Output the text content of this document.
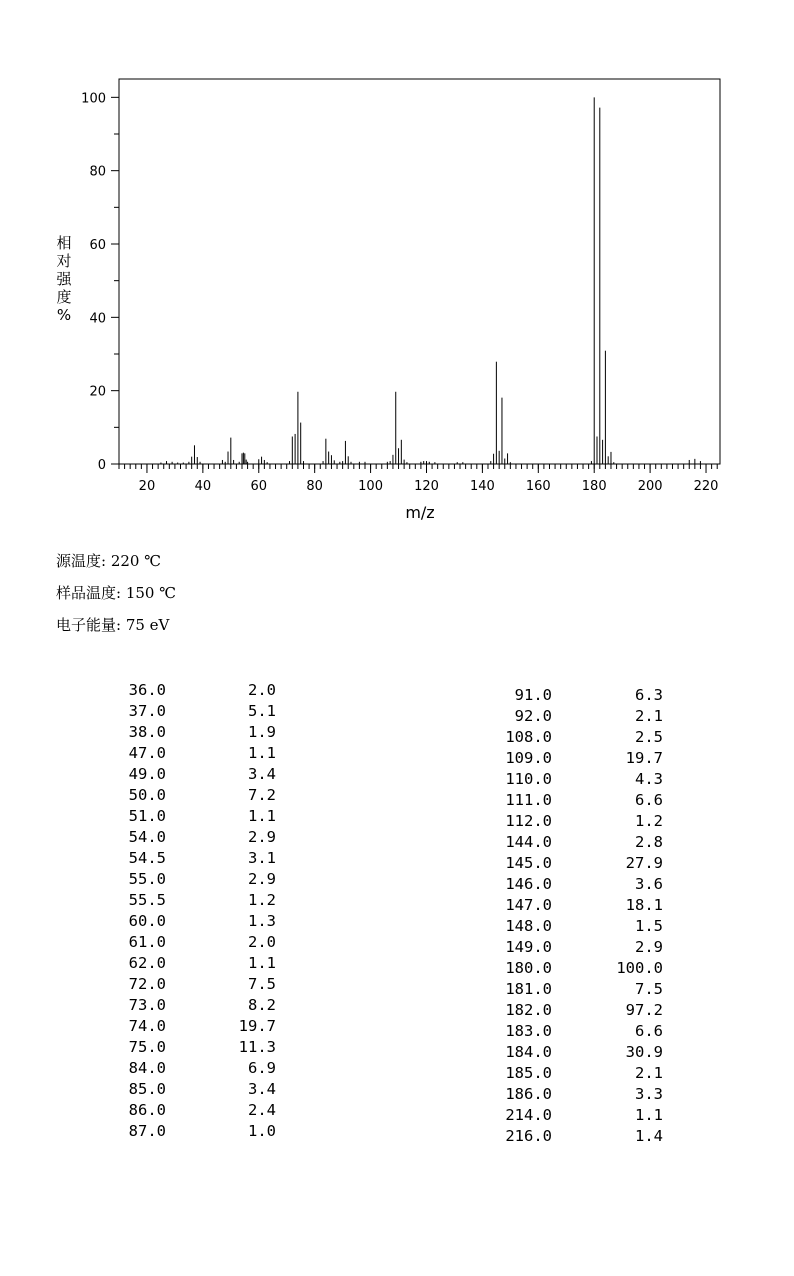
20	40	60	80	100 120 140 160 180 200 220
0
20
40
60
80
100
m/z
相
对
强
度
%
源温度: 220 ℃
样品温度: 150 ℃
电子能量: 75 eV
36.0	2.0
37.0	5.1
38.0	1.9
47.0	1.1
49.0	3.4
50.0	7.2
51.0	1.1
54.0	2.9
54.5	3.1
55.0	2.9
55.5	1.2
60.0	1.3
61.0	2.0
62.0	1.1
72.0	7.5
73.0	8.2
74.0	19.7
75.0	11.3
84.0	6.9
85.0	3.4
86.0	2.4
87.0	1.0
91.0	6.3
92.0	2.1
108.0	2.5
109.0	19.7
110.0	4.3
111.0	6.6
112.0	1.2
144.0	2.8
145.0	27.9
146.0	3.6
147.0	18.1
148.0	1.5
149.0	2.9
180.0	100.0
181.0	7.5
182.0	97.2
183.0	6.6
184.0	30.9
185.0	2.1
186.0	3.3
214.0	1.1
216.0	1.4
